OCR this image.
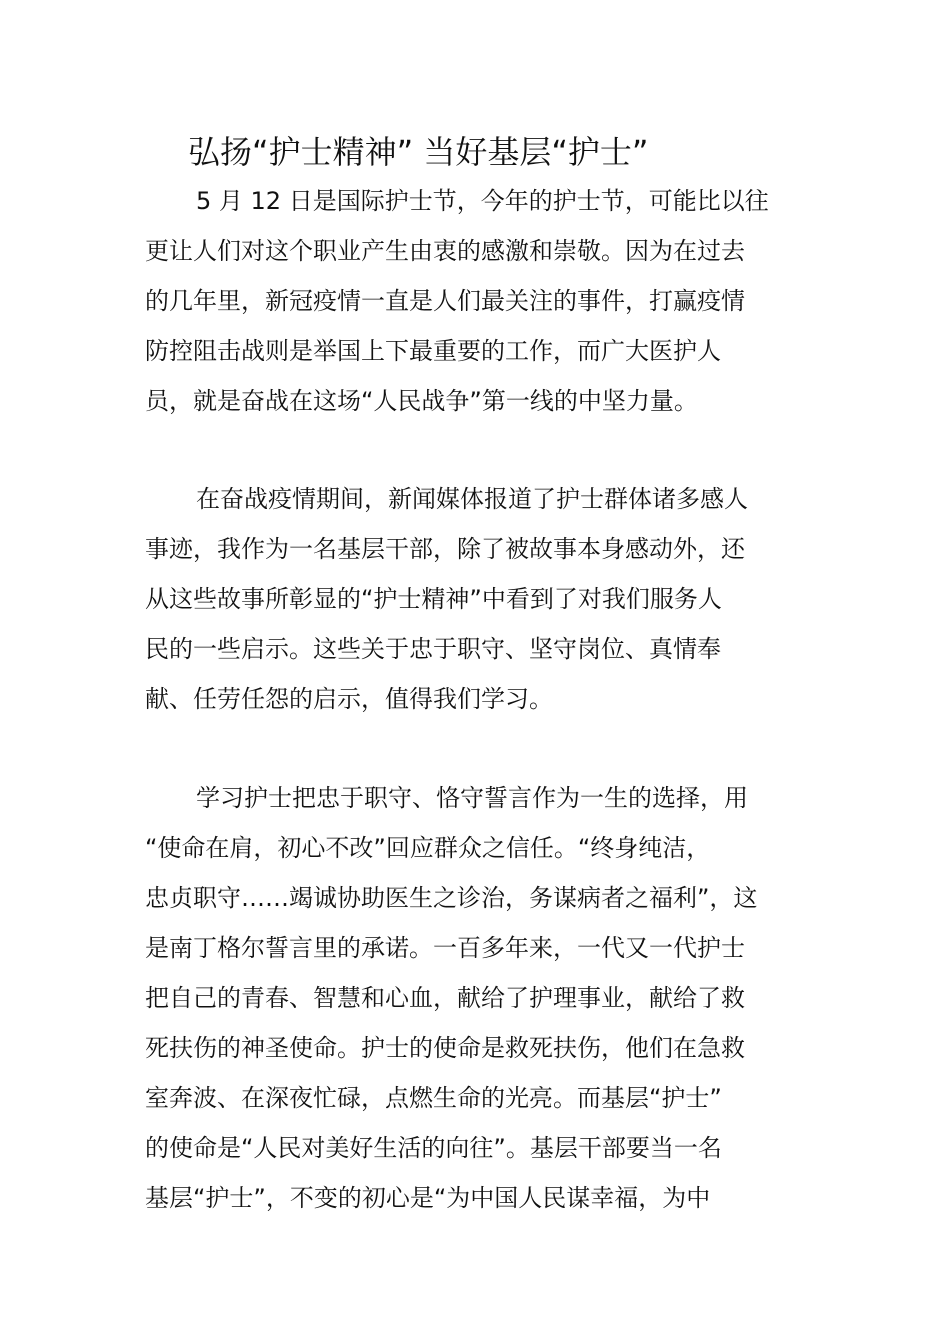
弘扬“护士精神” 当好基层“护士”
5 月 12 日是国际护士节，今年的护士节，可能比以往
更让人们对这个职业产生由衷的感激和崇敬。因为在过去
的几年里，新冠疫情一直是人们最关注的事件，打赢疫情
防控阻击战则是举国上下最重要的工作，而广大医护人
员，就是奋战在这场“人民战争”第一线的中坚力量。
在奋战疫情期间，新闻媒体报道了护士群体诸多感人
事迹，我作为一名基层干部，除了被故事本身感动外，还
从这些故事所彰显的“护士精神”中看到了对我们服务人
民的一些启示。这些关于忠于职守、坚守岗位、真情奉
献、任劳任怨的启示，值得我们学习。
学习护士把忠于职守、恪守誓言作为一生的选择，用
“使命在肩，初心不改”回应群众之信任。“终身纯洁，
忠贞职守……竭诚协助医生之诊治，务谋病者之福利”，这
是南丁格尔誓言里的承诺。一百多年来，一代又一代护士
把自己的青春、智慧和心血，献给了护理事业，献给了救
死扶伤的神圣使命。护士的使命是救死扶伤，他们在急救
室奔波、在深夜忙碌，点燃生命的光亮。而基层“护士”
的使命是“人民对美好生活的向往”。基层干部要当一名
基层“护士”，不变的初心是“为中国人民谋幸福，为中
